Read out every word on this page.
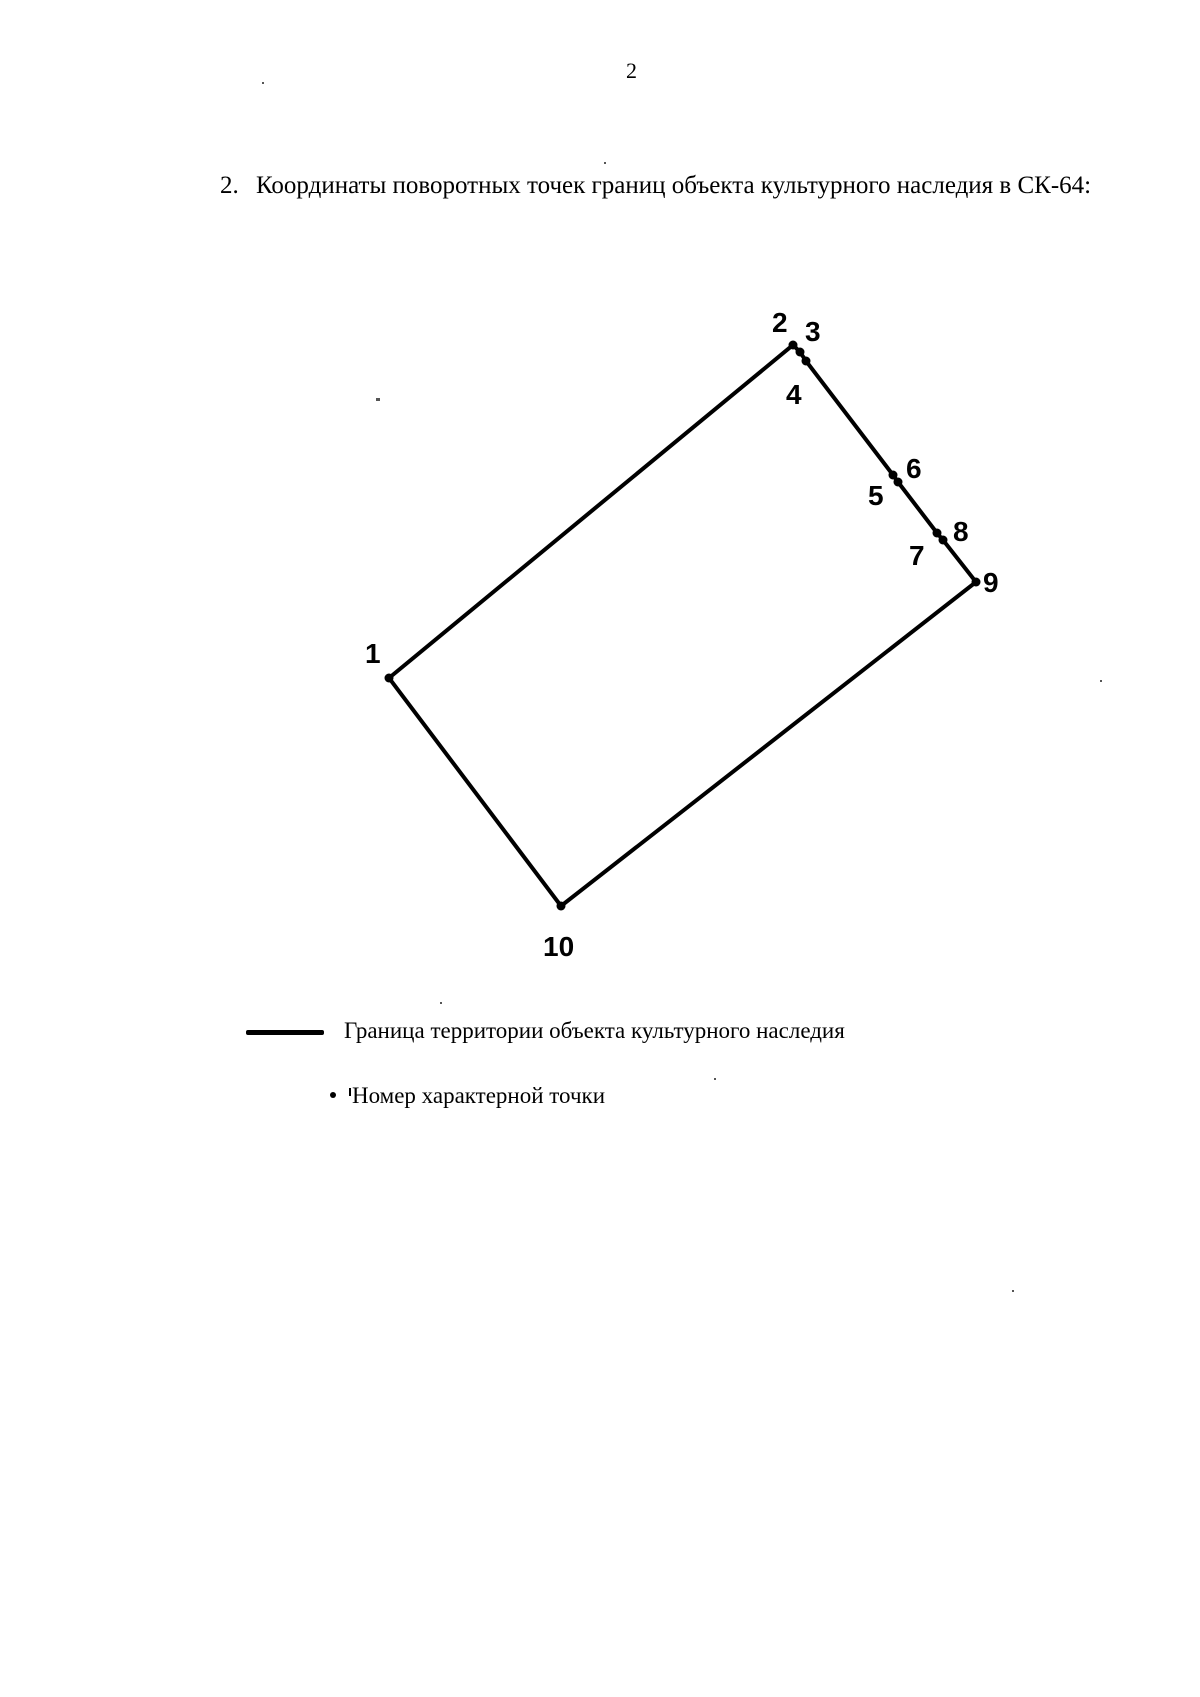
2
2. Координаты поворотных точек границ объекта культурного наследия в СК-64:
1
2 3
4
5
6
7
8
9
10
Граница территории объекта культурного наследия
Номер характерной точки
